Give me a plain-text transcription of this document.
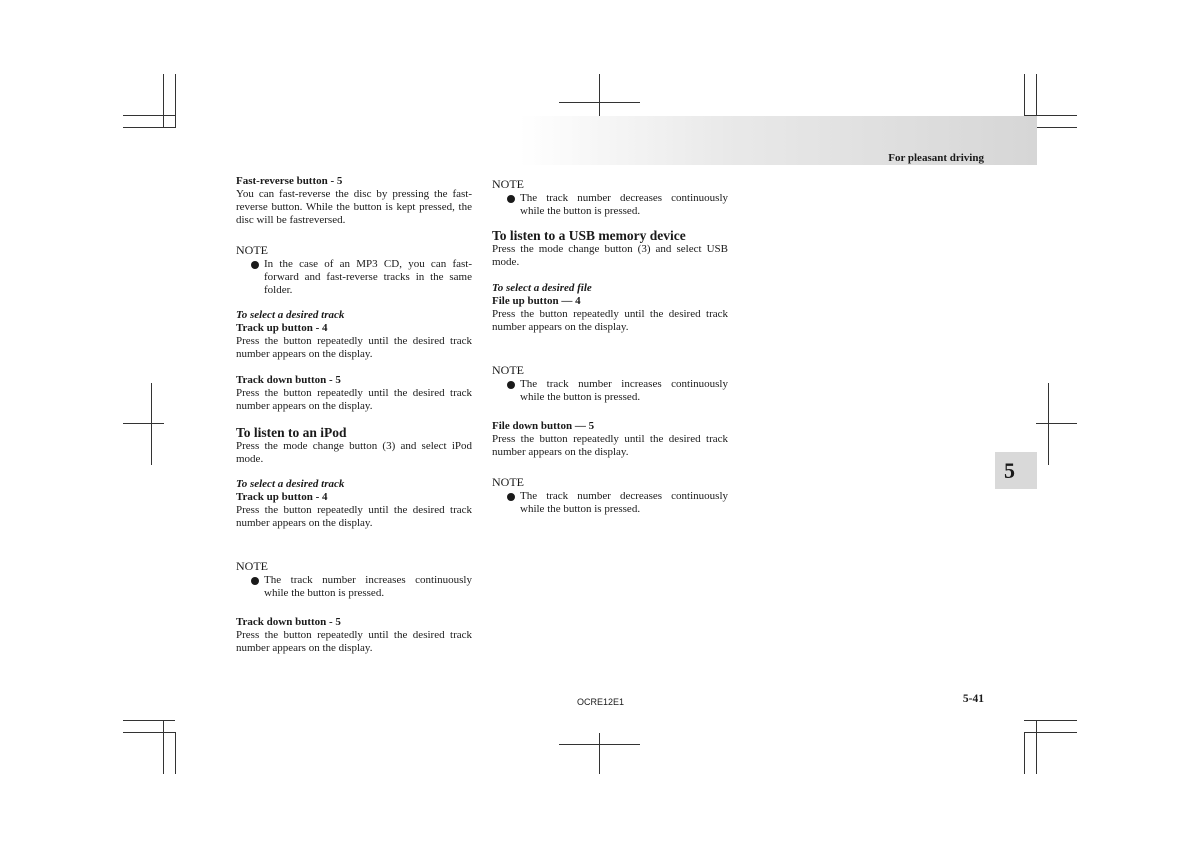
For pleasant driving
5
Fast-reverse button - 5
You can fast-reverse the disc by pressing the fast-reverse button. While the button is kept pressed, the disc will be fastreversed.
NOTE
In the case of an MP3 CD, you can fast-forward and fast-reverse tracks in the same folder.
To select a desired track
Track up button - 4
Press the button repeatedly until the desired track number appears on the display.
Track down button - 5
Press the button repeatedly until the desired track number appears on the display.
To listen to an iPod
Press the mode change button (3) and select iPod mode.
To select a desired track
Track up button - 4
Press the button repeatedly until the desired track number appears on the display.
NOTE
The track number increases continuously while the button is pressed.
Track down button - 5
Press the button repeatedly until the desired track number appears on the display.
NOTE
The track number decreases continuously while the button is pressed.
To listen to a USB memory device
Press the mode change button (3) and select USB mode.
To select a desired file
File up button — 4
Press the button repeatedly until the desired track number appears on the display.
NOTE
The track number increases continuously while the button is pressed.
File down button — 5
Press the button repeatedly until the desired track number appears on the display.
NOTE
The track number decreases continuously while the button is pressed.
OCRE12E1	5-41
